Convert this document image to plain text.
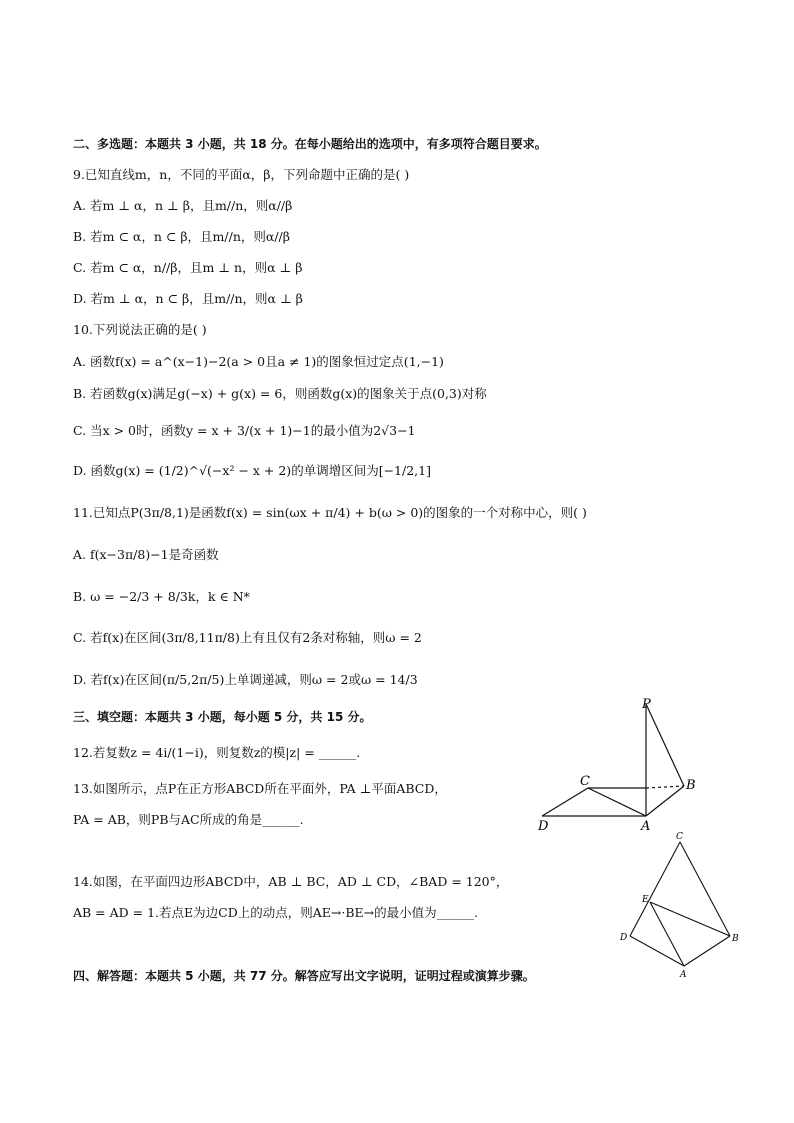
二、多选题：本题共 3 小题，共 18 分。在每小题给出的选项中，有多项符合题目要求。
9.已知直线m，n，不同的平面α，β，下列命题中正确的是( )
A. 若m ⊥ α，n ⊥ β，且m//n，则α//β
B. 若m ⊂ α，n ⊂ β，且m//n，则α//β
C. 若m ⊂ α，n//β，且m ⊥ n，则α ⊥ β
D. 若m ⊥ α，n ⊂ β，且m//n，则α ⊥ β
10.下列说法正确的是( )
A. 函数f(x) = a^(x−1)−2(a > 0且a ≠ 1)的图象恒过定点(1,−1)
B. 若函数g(x)满足g(−x) + g(x) = 6，则函数g(x)的图象关于点(0,3)对称
C. 当x > 0时，函数y = x + 3/(x + 1)−1的最小值为2√3−1
D. 函数g(x) = (1/2)^√(−x² − x + 2)的单调增区间为[−1/2,1]
11.已知点P(3π/8,1)是函数f(x) = sin(ωx + π/4) + b(ω > 0)的图象的一个对称中心，则( )
A. f(x−3π/8)−1是奇函数
B. ω = −2/3 + 8/3k，k ∈ N*
C. 若f(x)在区间(3π/8,11π/8)上有且仅有2条对称轴，则ω = 2
D. 若f(x)在区间(π/5,2π/5)上单调递减，则ω = 2或ω = 14/3
三、填空题：本题共 3 小题，每小题 5 分，共 15 分。
12.若复数z = 4i/(1−i)，则复数z的模|z| = ______.
13.如图所示，点P在正方形ABCD所在平面外，PA ⊥平面ABCD，
PA = AB，则PB与AC所成的角是______.
14.如图，在平面四边形ABCD中，AB ⊥ BC，AD ⊥ CD，∠BAD = 120°，
AB = AD = 1.若点E为边CD上的动点，则AE→·BE→的最小值为______.
四、解答题：本题共 5 小题，共 77 分。解答应写出文字说明，证明过程或演算步骤。
P
B
C
D	A
C
E
D	B
A
